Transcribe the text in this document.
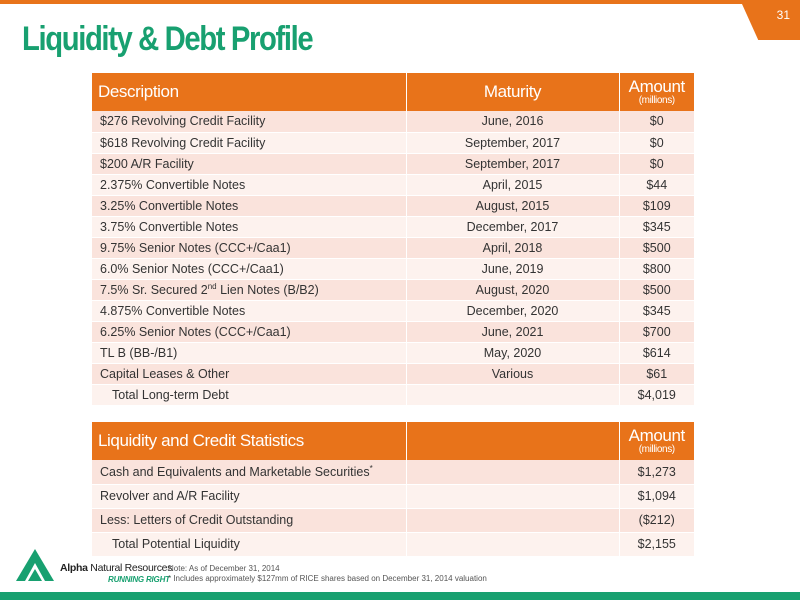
31
Liquidity & Debt Profile
Description	Maturity	Amount
(millions)

$276 Revolving Credit Facility	June, 2016	$0
$618 Revolving Credit Facility	September, 2017	$0
$200 A/R Facility	September, 2017	$0
2.375% Convertible Notes	April, 2015	$44
3.25% Convertible Notes	August, 2015	$109
3.75% Convertible Notes	December, 2017	$345
9.75% Senior Notes (CCC+/Caa1)	April, 2018	$500
6.0% Senior Notes (CCC+/Caa1)	June, 2019	$800
7.5% Sr. Secured 2nd Lien Notes (B/B2)	August, 2020	$500
4.875% Convertible Notes	December, 2020	$345
6.25% Senior Notes (CCC+/Caa1)	June, 2021	$700
TL B (BB-/B1)	May, 2020	$614
Capital Leases & Other	Various	$61
Total Long-term Debt		$4,019
Liquidity and Credit Statistics		Amount
(millions)

Cash and Equivalents and Marketable Securities*		$1,273
Revolver and A/R Facility		$1,094
Less: Letters of Credit Outstanding		($212)
Total Potential Liquidity		$2,155
Alpha Natural Resources
RUNNING RIGHT
Note: As of December 31, 2014
* Includes approximately $127mm of RICE shares based on December 31, 2014 valuation
